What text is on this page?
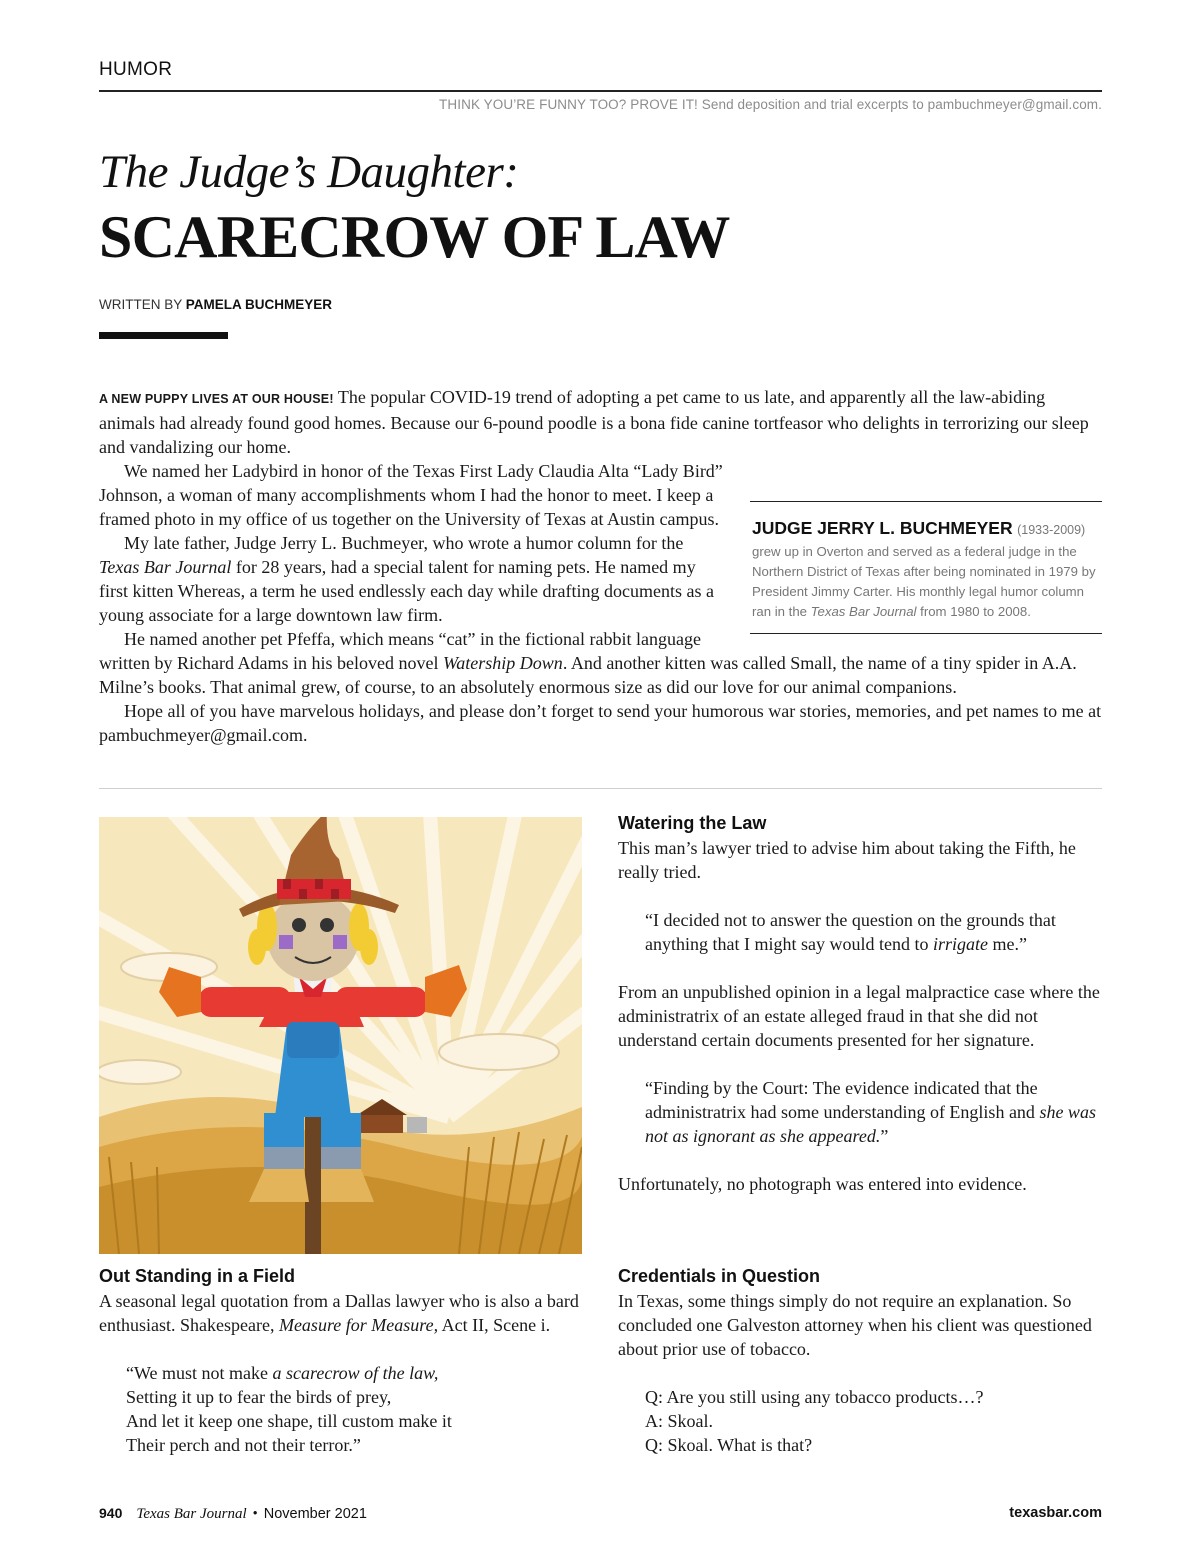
HUMOR
THINK YOU’RE FUNNY TOO? PROVE IT! Send deposition and trial excerpts to pambuchmeyer@gmail.com.
The Judge’s Daughter:
SCARECROW OF LAW
WRITTEN BY PAMELA BUCHMEYER

A NEW PUPPY LIVES AT OUR HOUSE! The popular COVID-19 trend of adopting a pet came to us late, and apparently all the law-abiding animals had already found good homes. Because our 6-pound poodle is a bona fide canine tortfeasor who delights in terrorizing our sleep and vandalizing our home.

JUDGE JERRY L. BUCHMEYER (1933-2009)
grew up in Overton and served as a federal judge in the Northern District of Texas after being nominated in 1979 by President Jimmy Carter. His monthly legal humor column ran in the Texas Bar Journal from 1980 to 2008.

We named her Ladybird in honor of the Texas First Lady Claudia Alta “Lady Bird” Johnson, a woman of many accomplishments whom I had the honor to meet. I keep a framed photo in my office of us together on the University of Texas at Austin campus.

My late father, Judge Jerry L. Buchmeyer, who wrote a humor column for the Texas Bar Journal for 28 years, had a special talent for naming pets. He named my first kitten Whereas, a term he used endlessly each day while drafting documents as a young associate for a large downtown law firm.

He named another pet Pfeffa, which means “cat” in the fictional rabbit language written by Richard Adams in his beloved novel Watership Down. And another kitten was called Small, the name of a tiny spider in A.A. Milne’s books. That animal grew, of course, to an absolutely enormous size as did our love for our animal companions.

Hope all of you have marvelous holidays, and please don’t forget to send your humorous war stories, memories, and pet names to me at pambuchmeyer@gmail.com.

Watering the Law

This man’s lawyer tried to advise him about taking the Fifth, he really tried.

“I decided not to answer the question on the grounds that anything that I might say would tend to irrigate me.”

From an unpublished opinion in a legal malpractice case where the administratrix of an estate alleged fraud in that she did not understand certain documents presented for her signature.

“Finding by the Court: The evidence indicated that the administratrix had some understanding of English and she was not as ignorant as she appeared.”

Unfortunately, no photograph was entered into evidence.

Out Standing in a Field

A seasonal legal quotation from a Dallas lawyer who is also a bard enthusiast. Shakespeare, Measure for Measure, Act II, Scene i.

“We must not make a scarecrow of the law,

Setting it up to fear the birds of prey,

And let it keep one shape, till custom make it

Their perch and not their terror.”

Credentials in Question

In Texas, some things simply do not require an explanation. So concluded one Galveston attorney when his client was questioned about prior use of tobacco.

Q: Are you still using any tobacco products…?

A: Skoal.

Q: Skoal. What is that?

940 Texas Bar Journal • November 2021	texasbar.com
